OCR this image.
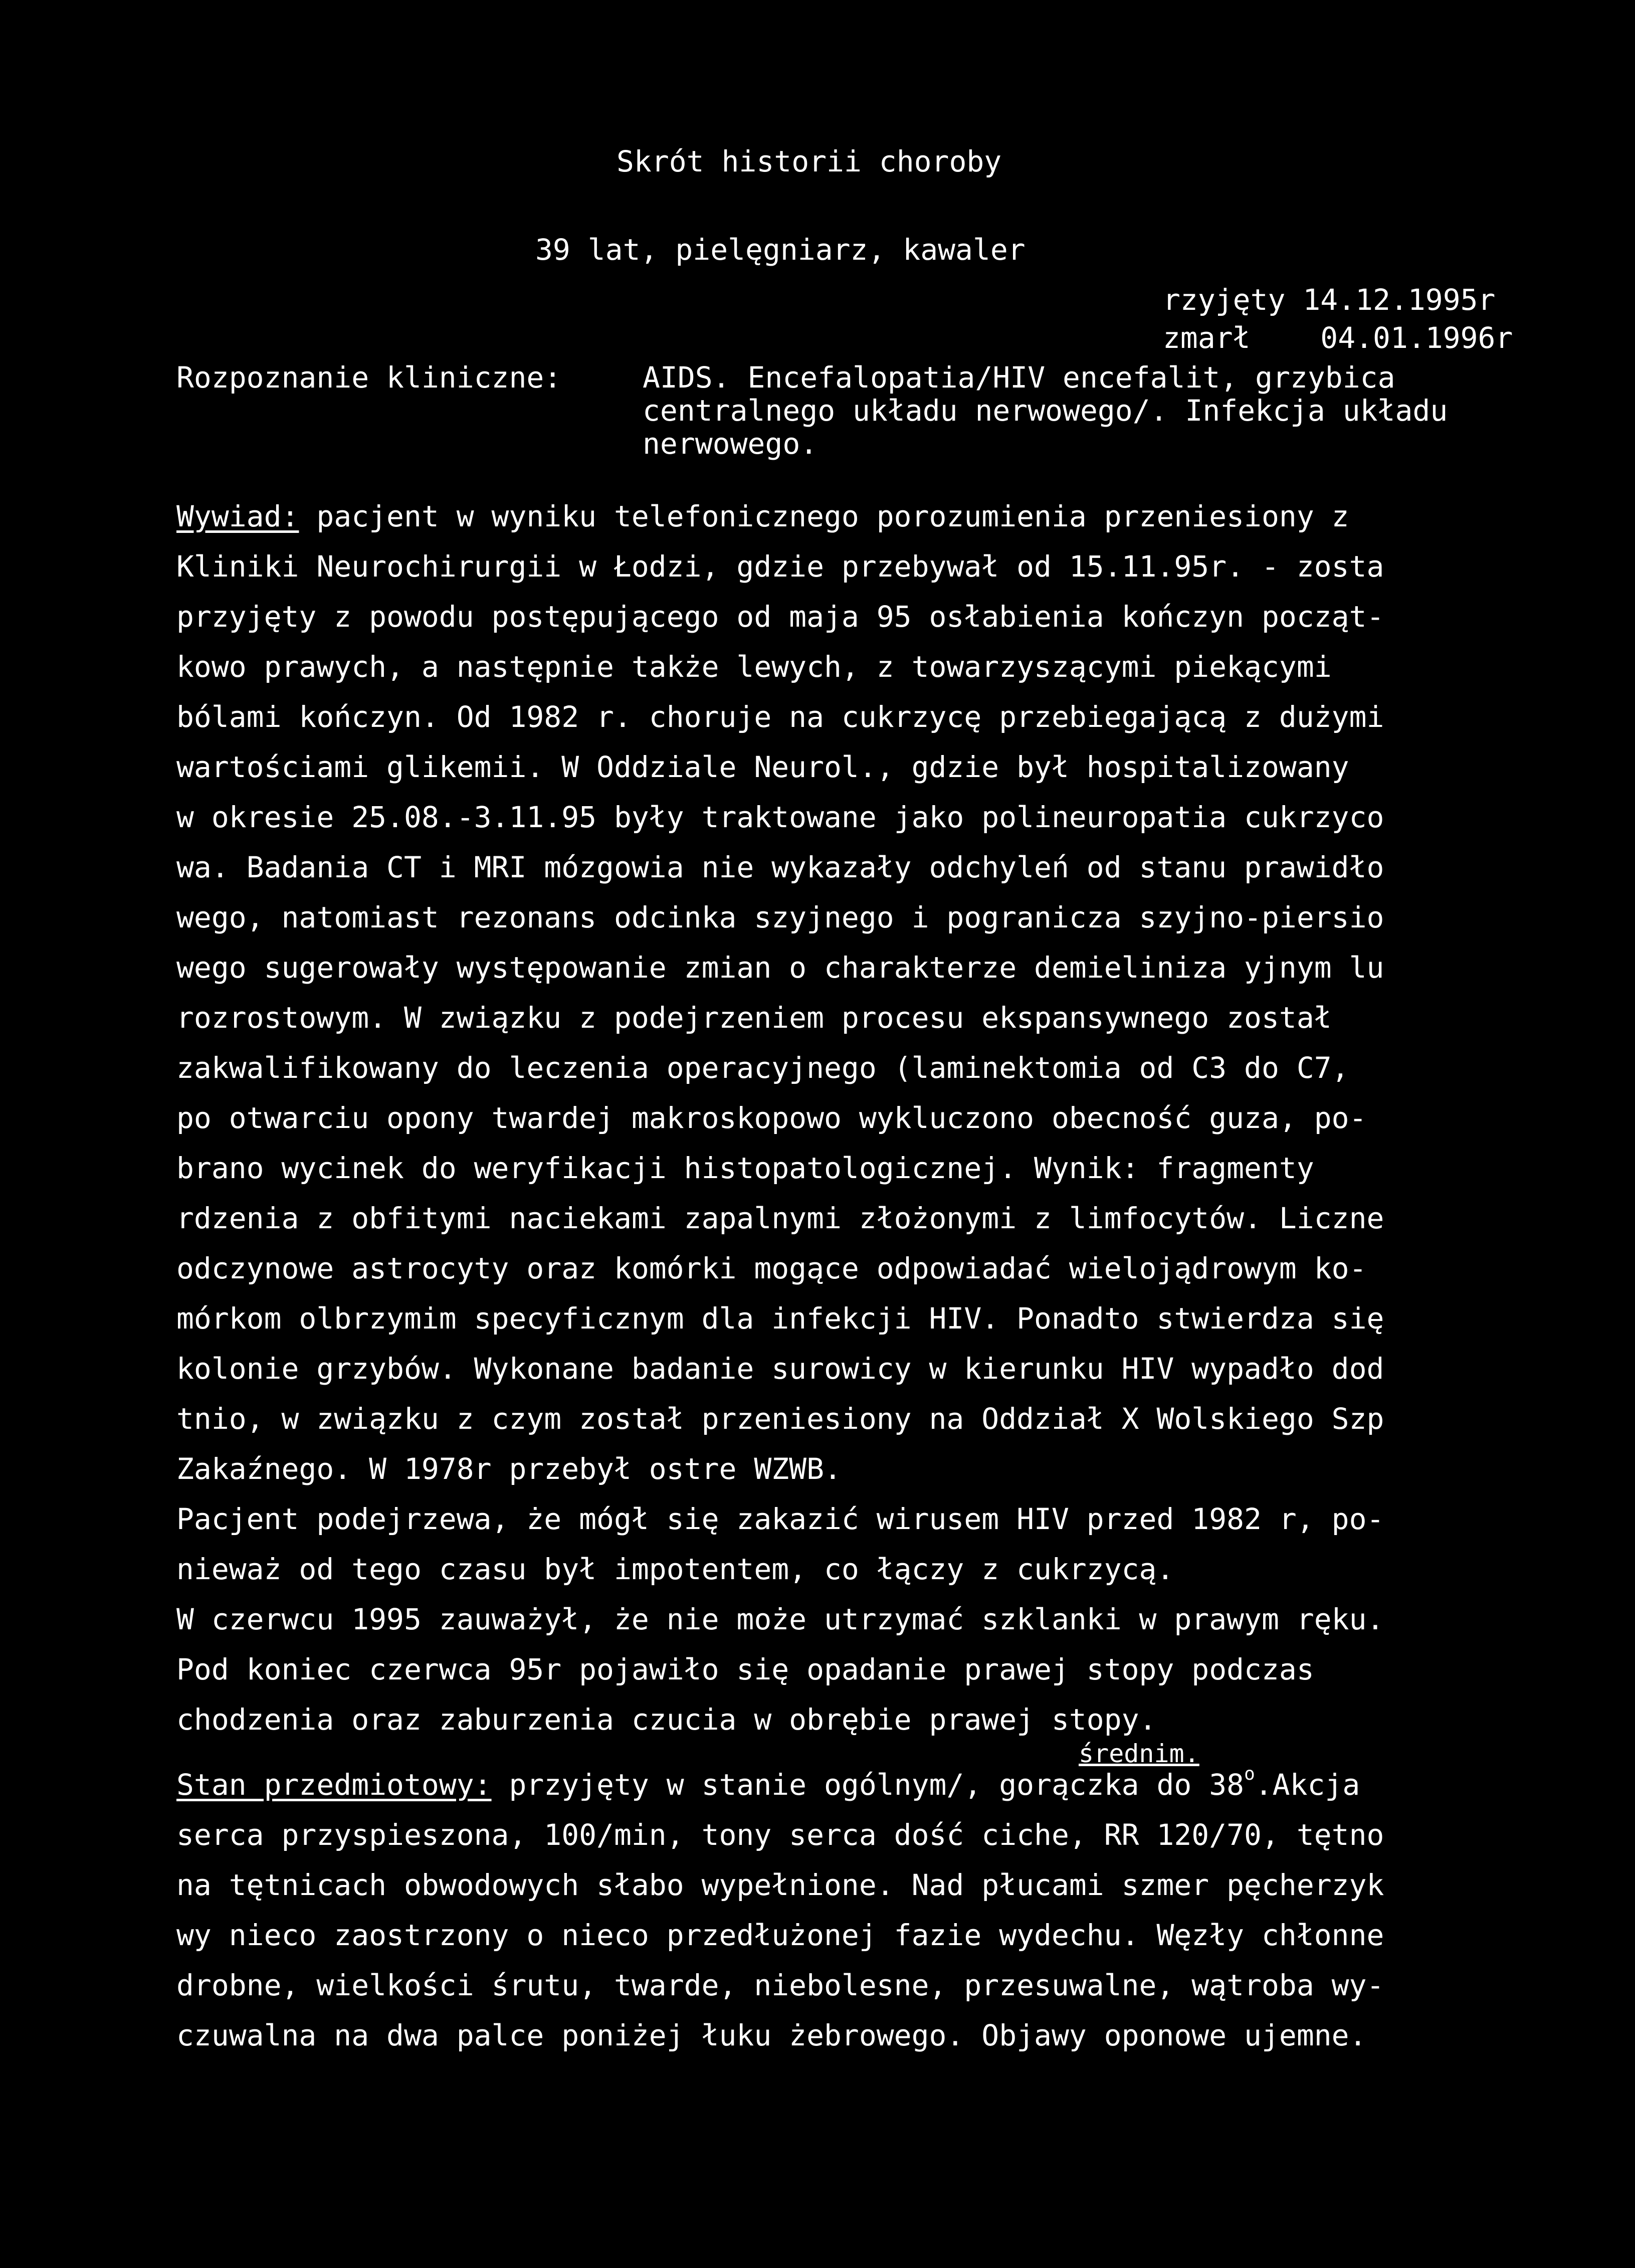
Skrót historii choroby
39 lat, pielęgniarz, kawaler
rzyjęty 14.12.1995r
zmarł    04.01.1996r
Rozpoznanie kliniczne:	AIDS. Encefalopatia/HIV encefalit, grzybica
centralnego układu nerwowego/. Infekcja układu
nerwowego.
Wywiad: pacjent w wyniku telefonicznego porozumienia przeniesiony z
Kliniki Neurochirurgii w Łodzi, gdzie przebywał od 15.11.95r. - zosta
przyjęty z powodu postępującego od maja 95 osłabienia kończyn począt-
kowo prawych, a następnie także lewych, z towarzyszącymi piekącymi
bólami kończyn. Od 1982 r. choruje na cukrzycę przebiegającą z dużymi
wartościami glikemii. W Oddziale Neurol., gdzie był hospitalizowany
w okresie 25.08.-3.11.95 były traktowane jako polineuropatia cukrzyco
wa. Badania CT i MRI mózgowia nie wykazały odchyleń od stanu prawidło
wego, natomiast rezonans odcinka szyjnego i pogranicza szyjno-piersio
wego sugerowały występowanie zmian o charakterze demieliniza yjnym lu
rozrostowym. W związku z podejrzeniem procesu ekspansywnego został
zakwalifikowany do leczenia operacyjnego (laminektomia od C3 do C7,
po otwarciu opony twardej makroskopowo wykluczono obecność guza, po-
brano wycinek do weryfikacji histopatologicznej. Wynik: fragmenty
rdzenia z obfitymi naciekami zapalnymi złożonymi z limfocytów. Liczne
odczynowe astrocyty oraz komórki mogące odpowiadać wielojądrowym ko-
mórkom olbrzymim specyficznym dla infekcji HIV. Ponadto stwierdza się
kolonie grzybów. Wykonane badanie surowicy w kierunku HIV wypadło dod
tnio, w związku z czym został przeniesiony na Oddział X Wolskiego Szp
Zakaźnego. W 1978r przebył ostre WZWB.
Pacjent podejrzewa, że mógł się zakazić wirusem HIV przed 1982 r, po-
nieważ od tego czasu był impotentem, co łączy z cukrzycą.
W czerwcu 1995 zauważył, że nie może utrzymać szklanki w prawym ręku.
Pod koniec czerwca 95r pojawiło się opadanie prawej stopy podczas
chodzenia oraz zaburzenia czucia w obrębie prawej stopy.
Stan przedmiotowy: przyjęty w stanie ogólnym/, gorączka do 38$^o$.Akcja
serca przyspieszona, 100/min, tony serca dość ciche, RR 120/70, tętno
na tętnicach obwodowych słabo wypełnione. Nad płucami szmer pęcherzyk
wy nieco zaostrzony o nieco przedłużonej fazie wydechu. Węzły chłonne
drobne, wielkości śrutu, twarde, niebolesne, przesuwalne, wątroba wy-
czuwalna na dwa palce poniżej łuku żebrowego. Objawy oponowe ujemne.
średnim.
